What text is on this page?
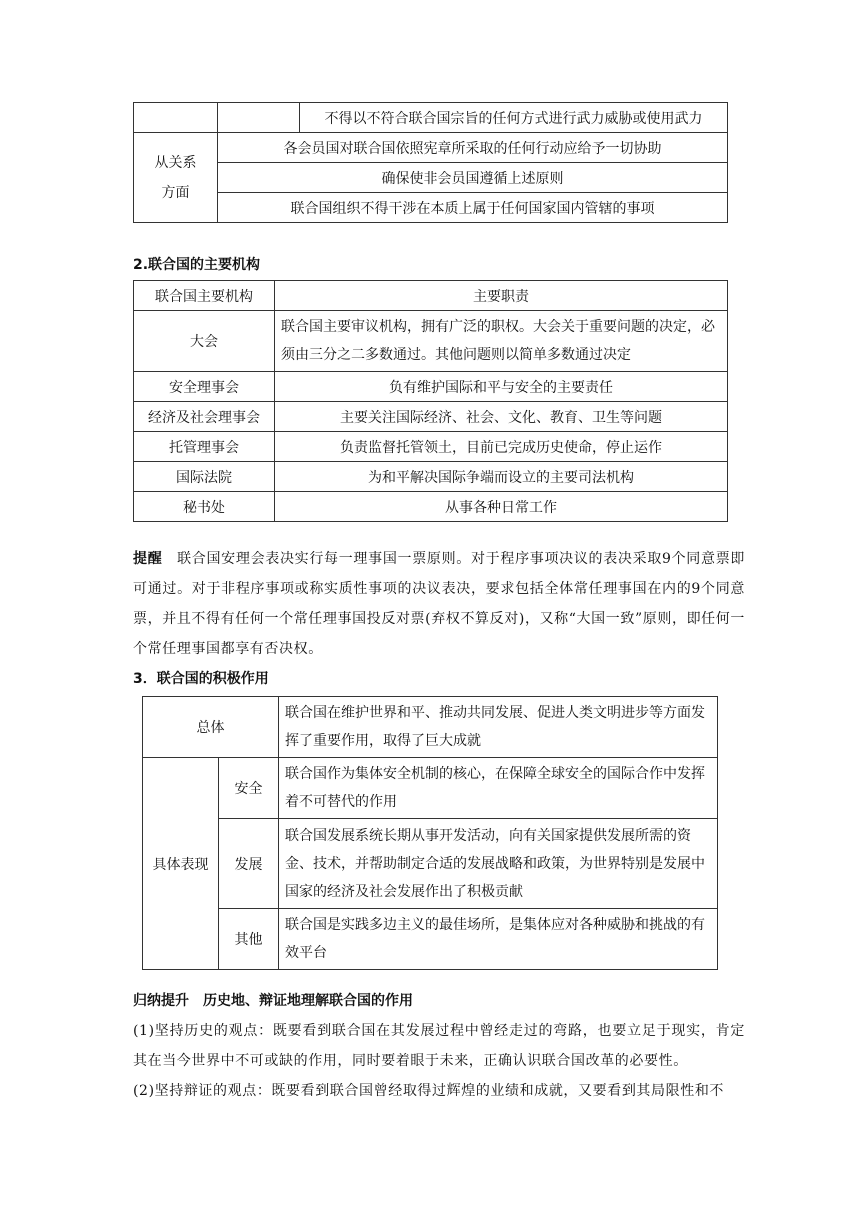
		不得以不符合联合国宗旨的任何方式进行武力威胁或使用武力
从关系
方面	各会员国对联合国依照宪章所采取的任何行动应给予一切协助	
	确保使非会员国遵循上述原则	
	联合国组织不得干涉在本质上属于任何国家国内管辖的事项	
2.联合国的主要机构
联合国主要机构	主要职责
大会	联合国主要审议机构，拥有广泛的职权。大会关于重要问题的决定，必须由三分之二多数通过。其他问题则以简单多数通过决定
安全理事会	负有维护国际和平与安全的主要责任
经济及社会理事会	主要关注国际经济、社会、文化、教育、卫生等问题
托管理事会	负责监督托管领土，目前已完成历史使命，停止运作
国际法院	为和平解决国际争端而设立的主要司法机构
秘书处	从事各种日常工作
提醒　 联合国安理会表决实行每一理事国一票原则。对于程序事项决议的表决采取9个同意票即可通过。对于非程序事项或称实质性事项的决议表决，要求包括全体常任理事国在内的9个同意票，并且不得有任何一个常任理事国投反对票(弃权不算反对)，又称“大国一致”原则，即任何一个常任理事国都享有否决权。
3．联合国的积极作用
总体		联合国在维护世界和平、推动共同发展、促进人类文明进步等方面发挥了重要作用，取得了巨大成就
具体表现	安全	联合国作为集体安全机制的核心，在保障全球安全的国际合作中发挥着不可替代的作用
	发展	联合国发展系统长期从事开发活动，向有关国家提供发展所需的资金、技术，并帮助制定合适的发展战略和政策，为世界特别是发展中国家的经济及社会发展作出了积极贡献
	其他	联合国是实践多边主义的最佳场所，是集体应对各种威胁和挑战的有效平台
归纳提升　历史地、辩证地理解联合国的作用
(1)坚持历史的观点：既要看到联合国在其发展过程中曾经走过的弯路，也要立足于现实，肯定其在当今世界中不可或缺的作用，同时要着眼于未来，正确认识联合国改革的必要性。
(2)坚持辩证的观点：既要看到联合国曾经取得过辉煌的业绩和成就，又要看到其局限性和不
